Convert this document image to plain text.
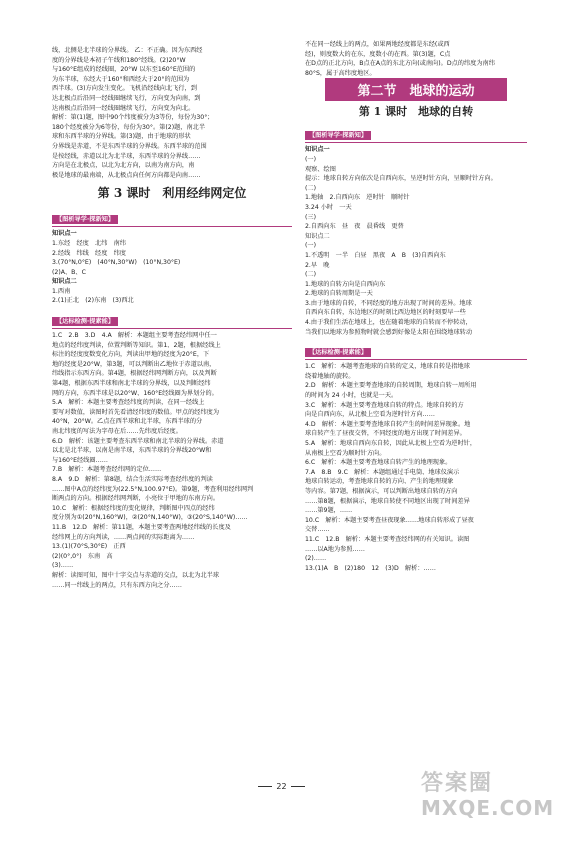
线，北侧是北半球的分界线。 乙：不正确。因为东西经

度的分界线是本初子午线和180°经线。(2)20°W

与160°E组成的经线圈，20°W 以东至160°E范围的

为东半球，东经大于160°和西经大于20°的范围为

西半球。(3)方向发生变化。飞机沿经线向北飞行，到

达北极点后沿同一经线圈继续飞行，方向变为向南，到

达南极点后沿同一经线圈继续飞行，方向变为向北。

解析：第(1)题，图中90个纬度被分为3等份，每份为30°；

180个经度被分为6等份，每份为30°。第(2)题，南北半

球和东西半球的分界线。第(3)题，由于地球的形状

分界线是赤道，不是东西半球的分界线。东西半球的范围

是按经线，赤道以北为北半球，东西半球的分界线……

方向是在北极点，以北为北方向，以南为南方向，南

极是地球的最南端，从北极点向任何方向都是向南……

第 3 课时　利用经纬网定位
【图析导学·探新知】

知识点一

1.东经　经度　北纬　南纬

2.经线　纬线　经度　纬度

3.(70°N,0°E)　(40°N,30°W)　(10°N,30°E)

(2)A、B、C

知识点二

1.西南

2.(1)正北　(2)东南　(3)西北

【达标检测·提素能】

1.C　2.B　3.D　4.A　解析：本题组主要考查经纬网中任一

地点的经纬度判读，位置判断等知识。第1、2题，根据经线上

标注的经度度数变化方向，判读出甲地的经度为20°E，下

地的经度是20°W，第3题，可以判断出乙地位于赤道以南，

纬线指示东西方向。第4题，根据经纬网判断方向，以及判断

第4题，根据东西半球和南北半球的分界线，以及判断经纬

网的方向，东西半球是以20°W、160°E经线圈为界划分的。

5.A　解析：本题主要考查经纬度的判读，在同一经线上

要写对数值，读图时首先看清经纬度的数值。甲点的经纬度为

40°N，20°W。乙点在西半球和北半球，东西半球的分

南北纬度的写法为字母在后……先纬度后经度。

6.D　解析：该题主要考查东西半球和南北半球的分界线。赤道

以北是北半球，以南是南半球，东西半球的分界线20°W和

与160°E经线圈……

7.B　解析：本题考查经纬网的定位……

8.A　9.D　解析：第8题，结合生活实际考查经纬度的判读

……图中A点的经纬度为(22.5°N,100.97°E)。第9题，考查利用经纬网判

断两点的方向。根据经纬网判断，小亮位于甲地的东南方向。

10.C　解析：根据经纬度的变化规律，判断图中四点的经纬

度分别为①(20°N,160°W)，②(20°N,140°W)，③(20°S,140°W)……

11.B　12.D　解析：第11题，本题主要考查两地经纬线的长度及

经纬网上的方向判读，……两点间的实际距离为……

13.(1)(70°S,30°E)　正西

(2)(0°,0°)　东南　高

(3)……

解析：读图可知，图中十字交点与赤道的交点，以北为北半球

……同一纬线上的两点，只有东西方向之分……

不在同一经线上的两点，如果两地经度都是东经(或西

经)，则度数大的在东，度数小的在西。第(3)题，C点

在D点的正北方向，B点在A点的东北方向(或南向)。D点的纬度为南纬

80°S，属于高纬度地区。

第二节　地球的运动
第 1 课时　地球的自转
【图析导学·探新知】

知识点一

(一)

观察、绘图

提示：地球自转方向依次是自西向东，呈逆时针方向，呈顺时针方向。

(二)

1.地轴　2.自西向东　逆时针　顺时针

3.24 小时　一天

(三)

2.自西向东　昼　夜　晨昏线　更替

知识点二

(一)

1.不透明　一半　白昼　黑夜　A　B　(3)自西向东

2.早　晚

(二)

1.地球的自转方向是自西向东

2.地球的自转周期是一天

3.由于地球的自转，不同经度的地方出现了时间的差异。地球

自西向东自转，东边地区的时刻比西边地区的时刻要早一些

4.由于我们生活在地球上，也在随着地球的自转而不停转动，

当我们以地球为参照物时就会感到好像是太阳在围绕地球转动

【达标检测·提素能】

1.C　解析：本题考查地球的自转的定义，地球自转是指地球

绕着地轴的旋转。

2.D　解析：本题主要考查地球的自转周期，地球自转一周所用

的时间为 24 小时，也就是一天。

3.C　解析：本题主要考查地球自转的特点。地球自转的方

向是自西向东，从北极上空看为逆时针方向……

4.D　解析：本题主要考查地球自转产生的时间差异现象。地

球自转产生了昼夜交替，不同经度的地方出现了时间差异。

5.A　解析：地球自西向东自转，因此从北极上空看为逆时针，

从南极上空看为顺时针方向。

6.C　解析：本题主要考查地球自转产生的地理现象。

7.A　8.B　9.C　解析：本题组通过手电筒、地球仪演示

地球自转运动，考查地球自转的方向、产生的地理现象

等内容。第7题，根据演示，可以判断出地球自转的方向

……第8题，根据演示，地球自转使不同地区出现了时间差异

……第9题，……

10.C　解析：本题主要考查昼夜现象……地球自转形成了昼夜

交替……

11.C　12.B　解析：本题主要考查经纬网的有关知识。读图

……以A地为参照……

(2)……

13.(1)A　B　(2)180　12　(3)D　解析：……

22	答案圈
MXQE.COM
